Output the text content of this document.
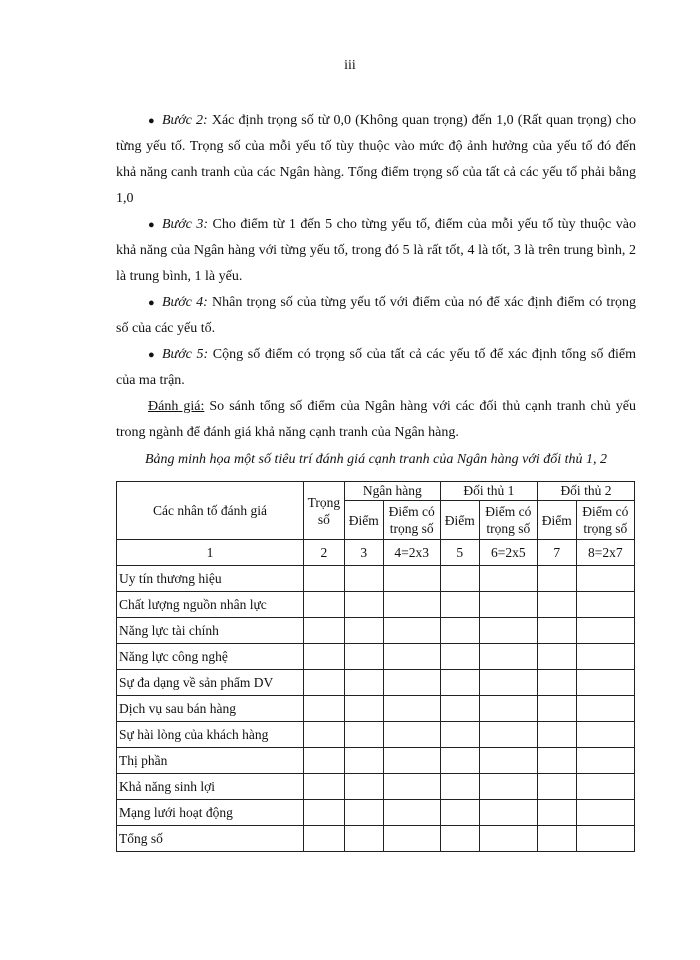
iii

● Bước 2: Xác định trọng số từ 0,0 (Không quan trọng) đến 1,0 (Rất quan trọng) cho từng yếu tố. Trọng số của mỗi yếu tố tùy thuộc vào mức độ ảnh hưởng của yếu tố đó đến khả năng canh tranh của các Ngân hàng. Tổng điểm trọng số của tất cả các yếu tố phải bằng 1,0

● Bước 3: Cho điểm từ 1 đến 5 cho từng yếu tố, điểm của mỗi yếu tố tùy thuộc vào khả năng của Ngân hàng với từng yếu tố, trong đó 5 là rất tốt, 4 là tốt, 3 là trên trung bình, 2 là trung bình, 1 là yếu.

● Bước 4: Nhân trọng số của từng yếu tố với điểm của nó để xác định điểm có trọng số của các yếu tố.

● Bước 5: Cộng số điểm có trọng số của tất cả các yếu tố để xác định tổng số điểm của ma trận.

Đánh giá: So sánh tổng số điểm của Ngân hàng với các đối thủ cạnh tranh chủ yếu trong ngành để đánh giá khả năng cạnh tranh của Ngân hàng.

Bảng minh họa một số tiêu trí đánh giá cạnh tranh của Ngân hàng với đối thủ 1, 2

Các nhân tố đánh giá	Trọng số	Ngân hàng		Đối thủ 1		Đối thủ 2	
		Điểm	Điểm có trọng số	Điểm	Điểm có trọng số	Điểm	Điểm có trọng số
1	2	3	4=2x3	5	6=2x5	7	8=2x7
Uy tín thương hiệu							
Chất lượng nguồn nhân lực							
Năng lực tài chính							
Năng lực công nghệ							
Sự đa dạng về sản phẩm DV							
Dịch vụ sau bán hàng							
Sự hài lòng của khách hàng							
Thị phần							
Khả năng sinh lợi							
Mạng lưới hoạt động							
Tổng số							
